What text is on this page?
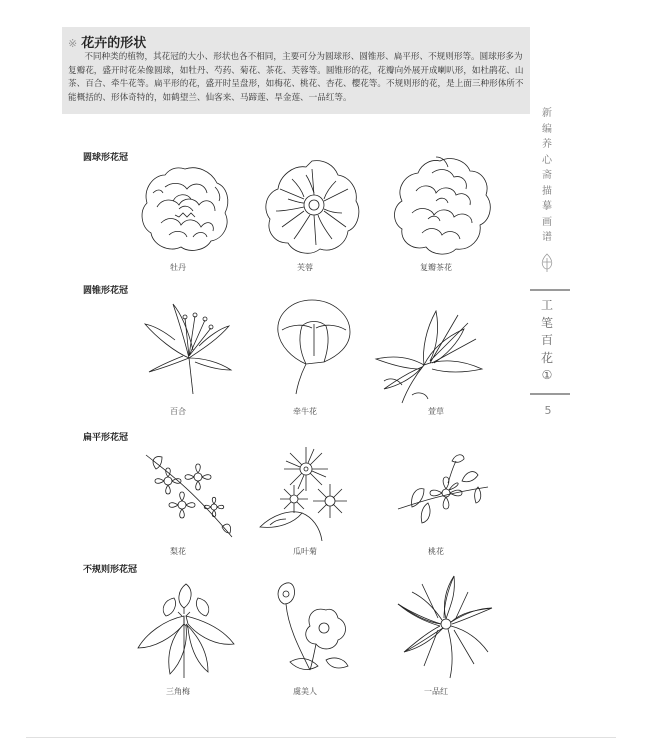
※ 花卉的形状
不同种类的植物，其花冠的大小、形状也各不相同，主要可分为圆球形、圆锥形、扁平形、不规则形等。圆球形多为复瓣花，盛开时花朵像圆球，如牡丹、芍药、菊花、茶花、芙蓉等。圆锥形的花，花瓣向外展开成喇叭形，如杜鹃花、山茶、百合、牵牛花等。扁平形的花，盛开时呈盘形，如梅花、桃花、杏花、樱花等。不规则形的花，是上面三种形体所不能概括的、形体奇特的，如鹤望兰、仙客来、马蹄莲、旱金莲、一品红等。
圆球形花冠
圆锥形花冠
扁平形花冠
不规则形花冠
牡丹	芙蓉	复瓣茶花
百合	牵牛花	萱草
梨花	瓜叶菊	桃花
三角梅	虞美人	一品红
新
编
养
心
斋
描
摹
画
谱
工
笔
百
花
①
5
